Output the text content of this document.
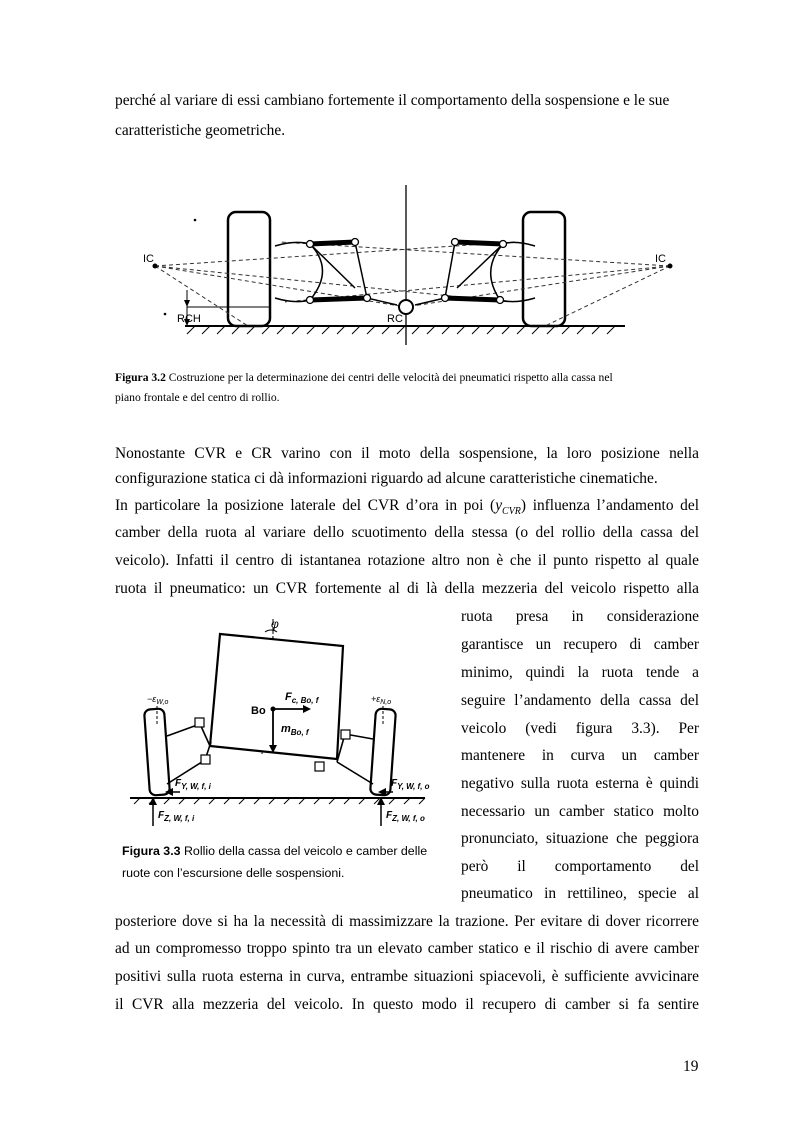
perché al variare di essi cambiano fortemente il comportamento della sospensione e le sue
caratteristiche geometriche.
IC	IC
RCH	RC
Figura 3.2 Costruzione per la determinazione dei centri delle velocità dei pneumatici rispetto alla cassa nel
piano frontale e del centro di rollio.
Nonostante CVR e CR varino con il moto della sospensione, la loro posizione nella
configurazione statica ci dà informazioni riguardo ad alcune caratteristiche cinematiche.
In particolare la posizione laterale del CVR d’ora in poi $(y_{CVR})$ influenza l’andamento del
camber della ruota al variare dello scuotimento della stessa (o del rollio della cassa del
veicolo). Infatti il centro di istantanea rotazione altro non è che il punto rispetto al quale
ruota il pneumatico: un CVR fortemente al di là della mezzeria del veicolo rispetto alla
ruota presa in considerazione
garantisce un recupero di camber
minimo, quindi la ruota tende a
seguire l’andamento della cassa del
veicolo (vedi figura 3.3). Per
mantenere in curva un camber
negativo sulla ruota esterna è quindi
necessario un camber statico molto
pronunciato, situazione che peggiora
però il comportamento del
pneumatico in rettilineo, specie al
φ
Bo
$F_{c, Bo, f}$
$m_{Bo, f}$
$-\varepsilon_{W,o}$	$+\varepsilon_{N,o}$
$F_{Y, W, f, i}$	$F_{Y, W, f, o}$
$F_{Z, W, f, i}$	$F_{Z, W, f, o}$
Figura 3.3 Rollio della cassa del veicolo e camber delle
ruote con l’escursione delle sospensioni.
posteriore dove si ha la necessità di massimizzare la trazione. Per evitare di dover ricorrere
ad un compromesso troppo spinto tra un elevato camber statico e il rischio di avere camber
positivi sulla ruota esterna in curva, entrambe situazioni spiacevoli, è sufficiente avvicinare
il CVR alla mezzeria del veicolo. In questo modo il recupero di camber si fa sentire
19
